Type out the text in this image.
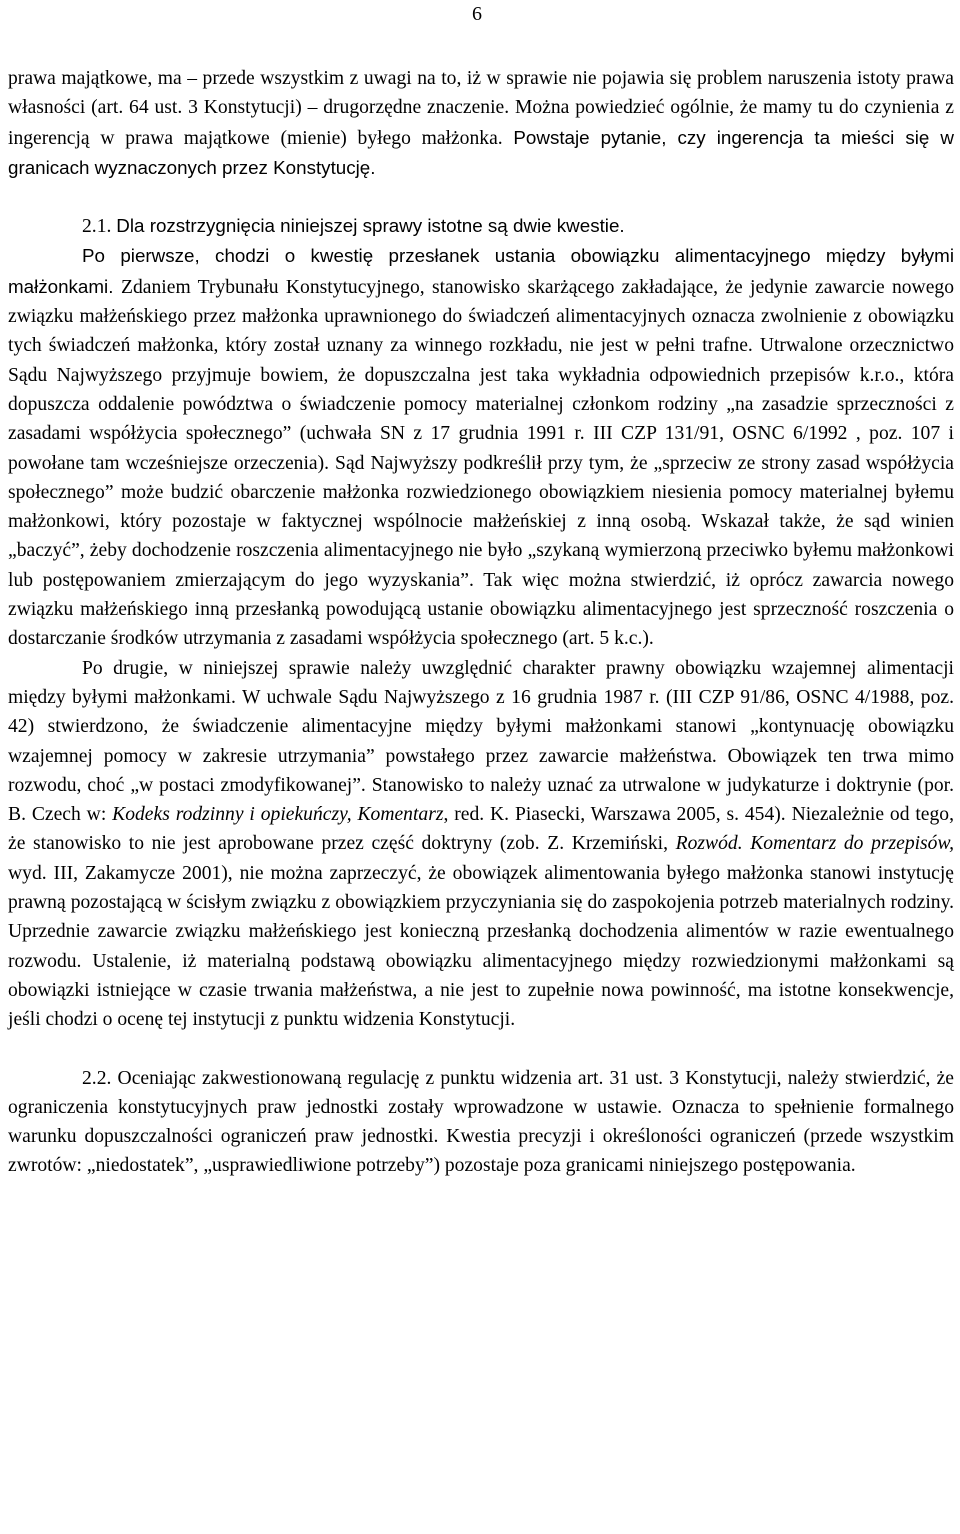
6

prawa majątkowe, ma – przede wszystkim z uwagi na to, iż w sprawie nie pojawia się problem naruszenia istoty prawa własności (art. 64 ust. 3 Konstytucji) – drugorzędne znaczenie. Można powiedzieć ogólnie, że mamy tu do czynienia z ingerencją w prawa majątkowe (mienie) byłego małżonka. Powstaje pytanie, czy ingerencja ta mieści się w granicach wyznaczonych przez Konstytucję.

2.1. Dla rozstrzygnięcia niniejszej sprawy istotne są dwie kwestie.

Po pierwsze, chodzi o kwestię przesłanek ustania obowiązku alimentacyjnego między byłymi małżonkami. Zdaniem Trybunału Konstytucyjnego, stanowisko skarżącego zakładające, że jedynie zawarcie nowego związku małżeńskiego przez małżonka uprawnionego do świadczeń alimentacyjnych oznacza zwolnienie z obowiązku tych świadczeń małżonka, który został uznany za winnego rozkładu, nie jest w pełni trafne. Utrwalone orzecznictwo Sądu Najwyższego przyjmuje bowiem, że dopuszczalna jest taka wykładnia odpowiednich przepisów k.r.o., która dopuszcza oddalenie powództwa o świadczenie pomocy materialnej członkom rodziny „na zasadzie sprzeczności z zasadami współżycia społecznego” (uchwała SN z 17 grudnia 1991 r. III CZP 131/91, OSNC 6/1992 , poz. 107 i powołane tam wcześniejsze orzeczenia). Sąd Najwyższy podkreślił przy tym, że „sprzeciw ze strony zasad współżycia społecznego” może budzić obarczenie małżonka rozwiedzionego obowiązkiem niesienia pomocy materialnej byłemu małżonkowi, który pozostaje w faktycznej wspólnocie małżeńskiej z inną osobą. Wskazał także, że sąd winien „baczyć”, żeby dochodzenie roszczenia alimentacyjnego nie było „szykaną wymierzoną przeciwko byłemu małżonkowi lub postępowaniem zmierzającym do jego wyzyskania”. Tak więc można stwierdzić, iż oprócz zawarcia nowego związku małżeńskiego inną przesłanką powodującą ustanie obowiązku alimentacyjnego jest sprzeczność roszczenia o dostarczanie środków utrzymania z zasadami współżycia społecznego (art. 5 k.c.).

Po drugie, w niniejszej sprawie należy uwzględnić charakter prawny obowiązku wzajemnej alimentacji między byłymi małżonkami. W uchwale Sądu Najwyższego z 16 grudnia 1987 r. (III CZP 91/86, OSNC 4/1988, poz. 42) stwierdzono, że świadczenie alimentacyjne między byłymi małżonkami stanowi „kontynuację obowiązku wzajemnej pomocy w zakresie utrzymania” powstałego przez zawarcie małżeństwa. Obowiązek ten trwa mimo rozwodu, choć „w postaci zmodyfikowanej”. Stanowisko to należy uznać za utrwalone w judykaturze i doktrynie (por. B. Czech w: Kodeks rodzinny i opiekuńczy, Komentarz, red. K. Piasecki, Warszawa 2005, s. 454). Niezależnie od tego, że stanowisko to nie jest aprobowane przez część doktryny (zob. Z. Krzemiński, Rozwód. Komentarz do przepisów, wyd. III, Zakamycze 2001), nie można zaprzeczyć, że obowiązek alimentowania byłego małżonka stanowi instytucję prawną pozostającą w ścisłym związku z obowiązkiem przyczyniania się do zaspokojenia potrzeb materialnych rodziny. Uprzednie zawarcie związku małżeńskiego jest konieczną przesłanką dochodzenia alimentów w razie ewentualnego rozwodu. Ustalenie, iż materialną podstawą obowiązku alimentacyjnego między rozwiedzionymi małżonkami są obowiązki istniejące w czasie trwania małżeństwa, a nie jest to zupełnie nowa powinność, ma istotne konsekwencje, jeśli chodzi o ocenę tej instytucji z punktu widzenia Konstytucji.

2.2. Oceniając zakwestionowaną regulację z punktu widzenia art. 31 ust. 3 Konstytucji, należy stwierdzić, że ograniczenia konstytucyjnych praw jednostki zostały wprowadzone w ustawie. Oznacza to spełnienie formalnego warunku dopuszczalności ograniczeń praw jednostki. Kwestia precyzji i określoności ograniczeń (przede wszystkim zwrotów: „niedostatek”, „usprawiedliwione potrzeby”) pozostaje poza granicami niniejszego postępowania.
